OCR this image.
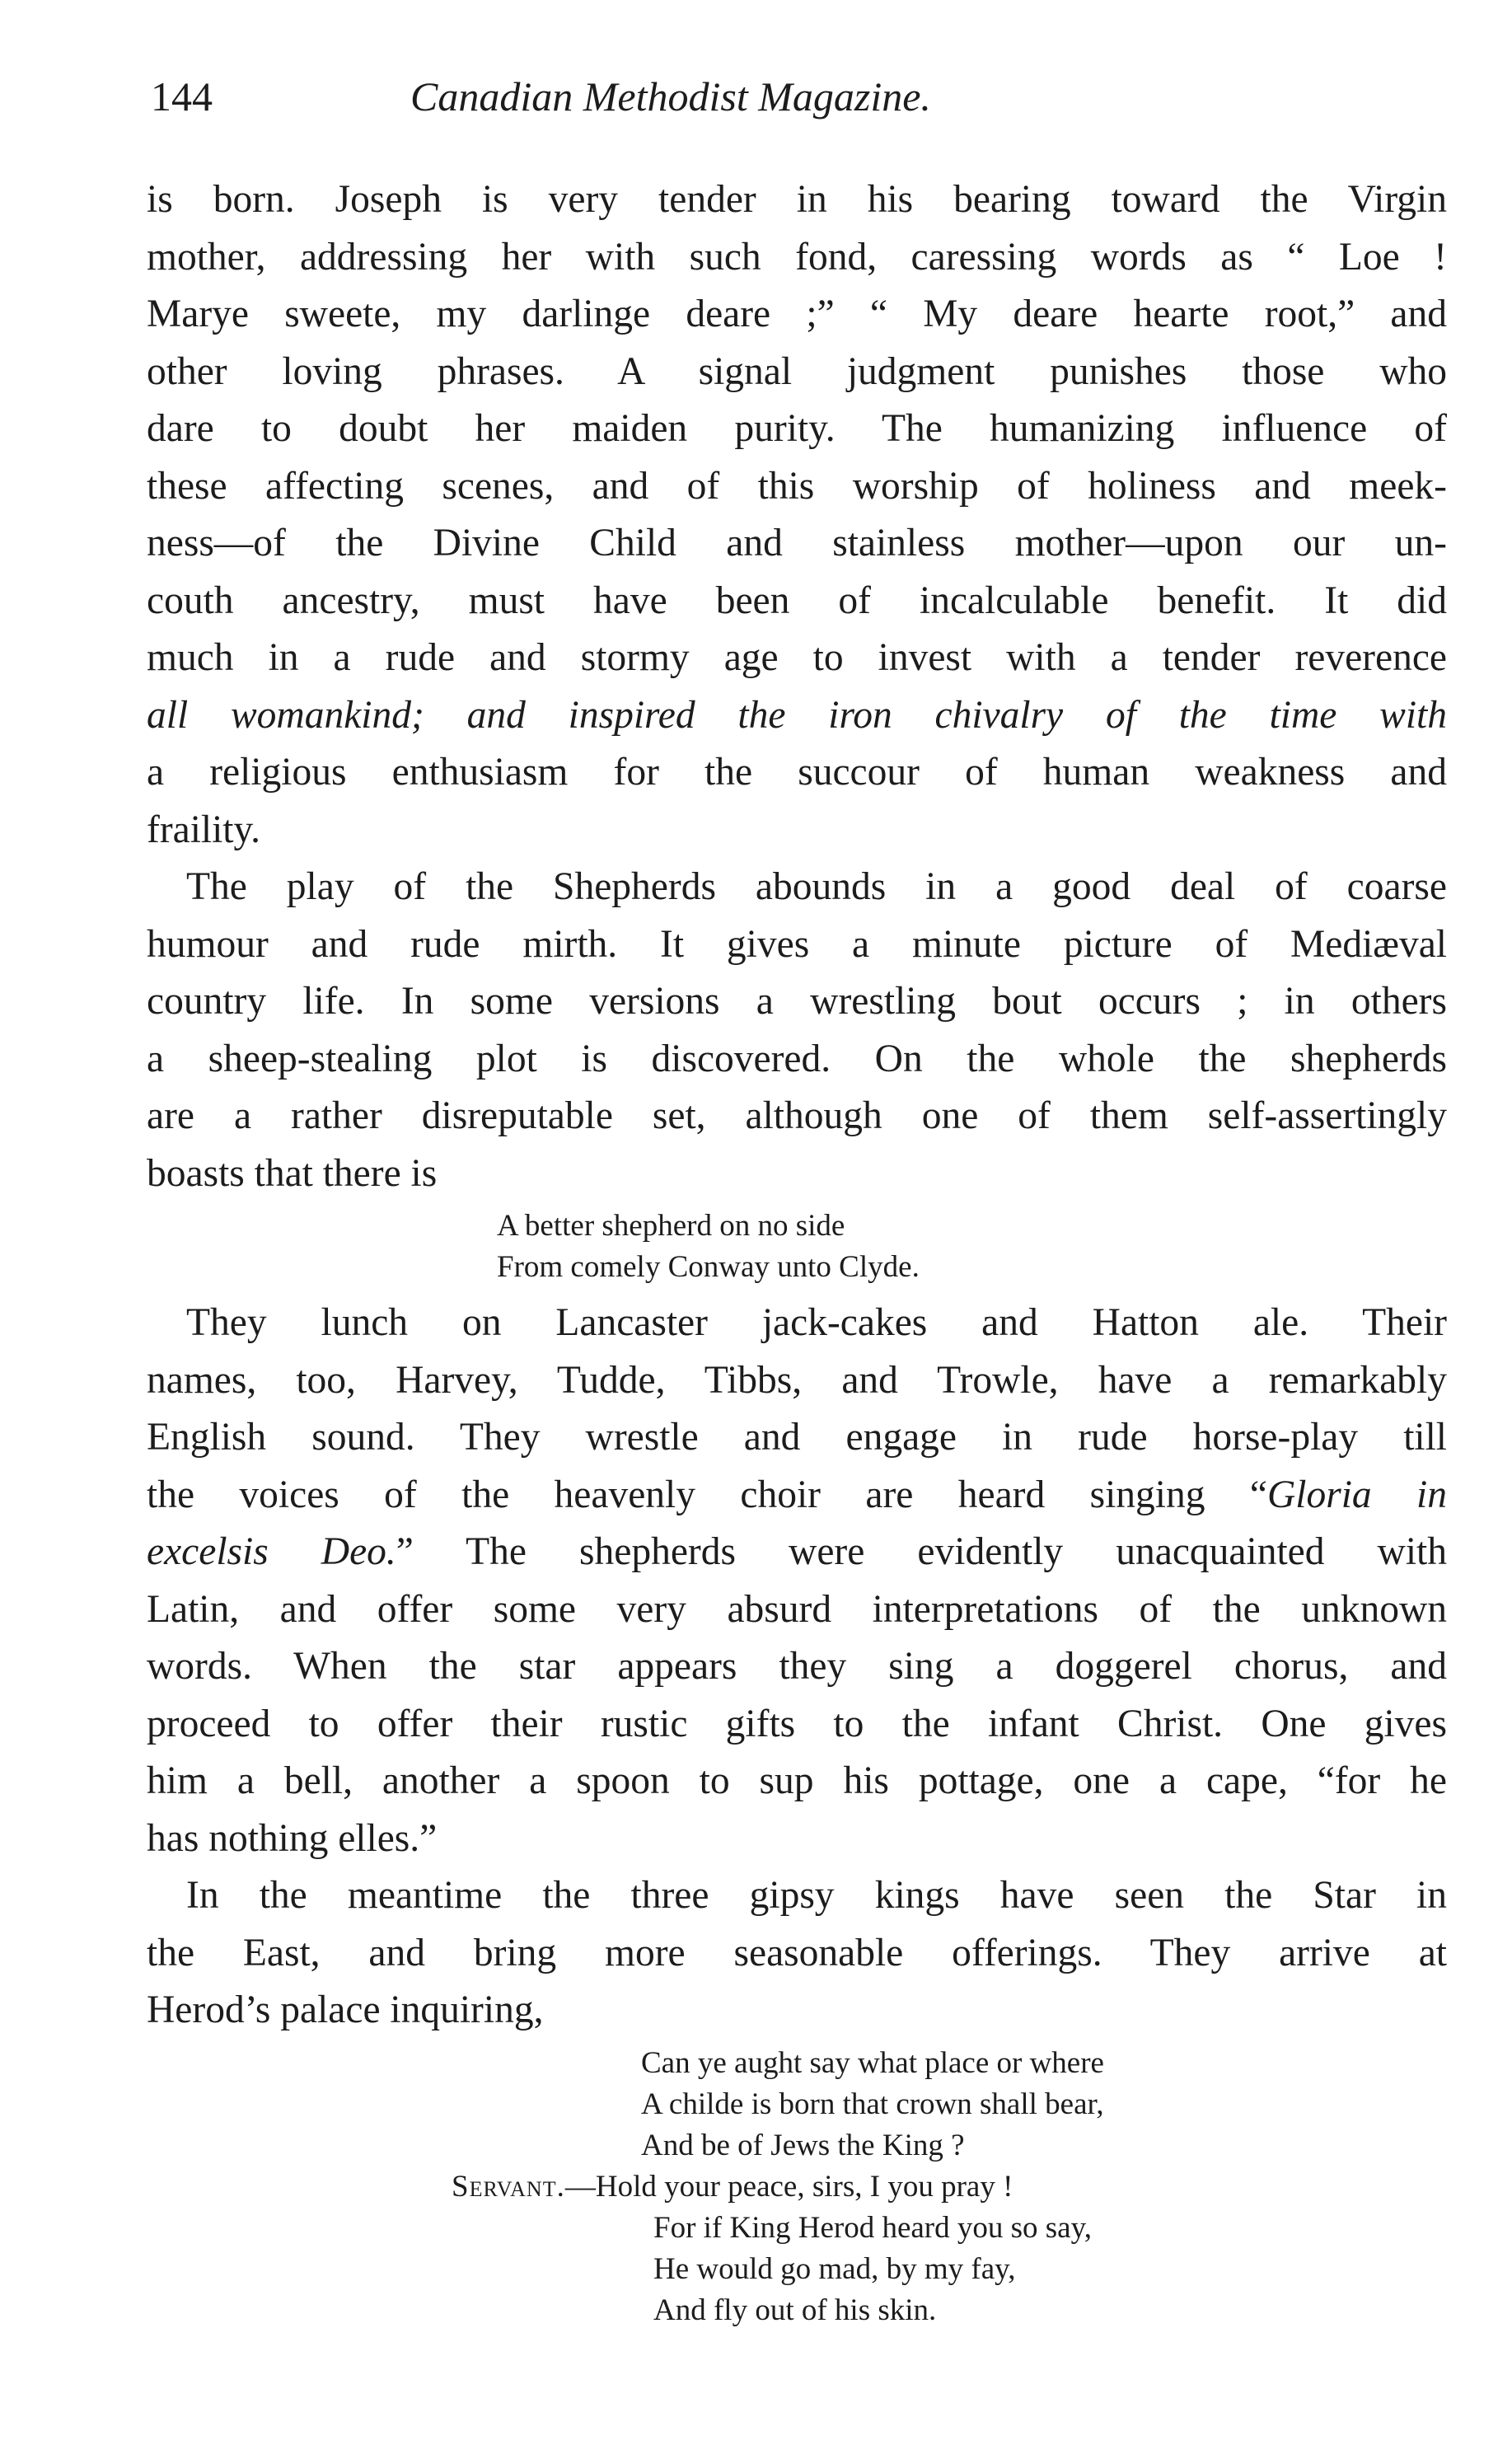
144	Canadian Methodist Magazine.
is born. Joseph is very tender in his bearing toward the Virgin
mother, addressing her with such fond, caressing words as “ Loe !
Marye sweete, my darlinge deare ;” “ My deare hearte root,” and
other loving phrases. A signal judgment punishes those who
dare to doubt her maiden purity. The humanizing influence of
these affecting scenes, and of this worship of holiness and meek-
ness—of the Divine Child and stainless mother—upon our un-
couth ancestry, must have been of incalculable benefit. It did
much in a rude and stormy age to invest with a tender reverence
all womankind; and inspired the iron chivalry of the time with
a religious enthusiasm for the succour of human weakness and
fraility.
The play of the Shepherds abounds in a good deal of coarse
humour and rude mirth. It gives a minute picture of Mediæval
country life. In some versions a wrestling bout occurs ; in others
a sheep-stealing plot is discovered. On the whole the shepherds
are a rather disreputable set, although one of them self-assertingly
boasts that there is
A better shepherd on no side
From comely Conway unto Clyde.
They lunch on Lancaster jack-cakes and Hatton ale. Their
names, too, Harvey, Tudde, Tibbs, and Trowle, have a remarkably
English sound. They wrestle and engage in rude horse-play till
the voices of the heavenly choir are heard singing “Gloria in
excelsis Deo.” The shepherds were evidently unacquainted with
Latin, and offer some very absurd interpretations of the unknown
words. When the star appears they sing a doggerel chorus, and
proceed to offer their rustic gifts to the infant Christ. One gives
him a bell, another a spoon to sup his pottage, one a cape, “for he
has nothing elles.”
In the meantime the three gipsy kings have seen the Star in
the East, and bring more seasonable offerings. They arrive at
Herod’s palace inquiring,
Can ye aught say what place or where
A childe is born that crown shall bear,
And be of Jews the King ?
Servant.—Hold your peace, sirs, I you pray !
For if King Herod heard you so say,
He would go mad, by my fay,
And fly out of his skin.
